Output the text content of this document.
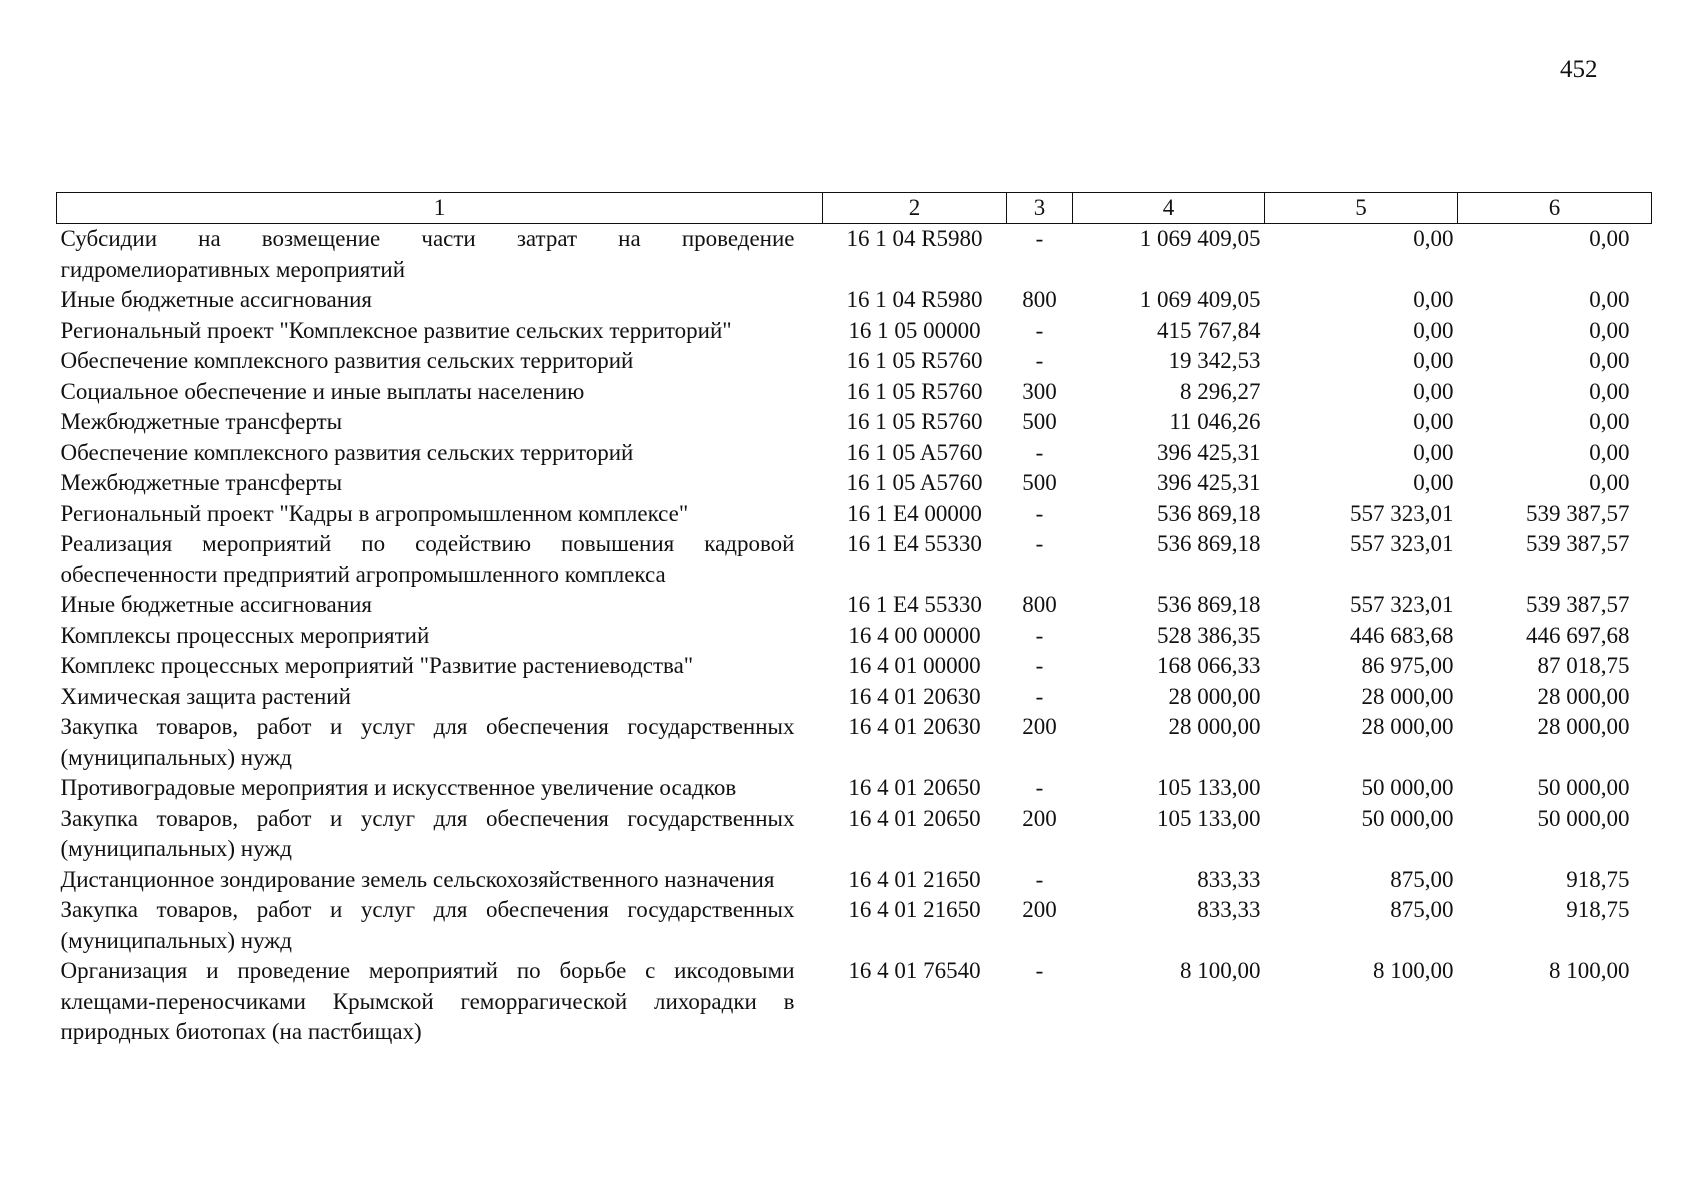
452
1	2	3	4	5	6
Субсидии на возмещение части затрат на проведение гидромелиоративных мероприятий	16 1 04 R5980	-	1 069 409,05	0,00	0,00
Иные бюджетные ассигнования	16 1 04 R5980	800	1 069 409,05	0,00	0,00
Региональный проект "Комплексное развитие сельских территорий"	16 1 05 00000	-	415 767,84	0,00	0,00
Обеспечение комплексного развития сельских территорий	16 1 05 R5760	-	19 342,53	0,00	0,00
Социальное обеспечение и иные выплаты населению	16 1 05 R5760	300	8 296,27	0,00	0,00
Межбюджетные трансферты	16 1 05 R5760	500	11 046,26	0,00	0,00
Обеспечение комплексного развития сельских территорий	16 1 05 A5760	-	396 425,31	0,00	0,00
Межбюджетные трансферты	16 1 05 A5760	500	396 425,31	0,00	0,00
Региональный проект "Кадры в агропромышленном комплексе"	16 1 E4 00000	-	536 869,18	557 323,01	539 387,57
Реализация мероприятий по содействию повышения кадровой обеспеченности предприятий агропромышленного комплекса	16 1 E4 55330	-	536 869,18	557 323,01	539 387,57
Иные бюджетные ассигнования	16 1 E4 55330	800	536 869,18	557 323,01	539 387,57
Комплексы процессных мероприятий	16 4 00 00000	-	528 386,35	446 683,68	446 697,68
Комплекс процессных мероприятий "Развитие растениеводства"	16 4 01 00000	-	168 066,33	86 975,00	87 018,75
Химическая защита растений	16 4 01 20630	-	28 000,00	28 000,00	28 000,00
Закупка товаров, работ и услуг для обеспечения государственных (муниципальных) нужд	16 4 01 20630	200	28 000,00	28 000,00	28 000,00
Противоградовые мероприятия и искусственное увеличение осадков	16 4 01 20650	-	105 133,00	50 000,00	50 000,00
Закупка товаров, работ и услуг для обеспечения государственных (муниципальных) нужд	16 4 01 20650	200	105 133,00	50 000,00	50 000,00
Дистанционное зондирование земель сельскохозяйственного назначения	16 4 01 21650	-	833,33	875,00	918,75
Закупка товаров, работ и услуг для обеспечения государственных (муниципальных) нужд	16 4 01 21650	200	833,33	875,00	918,75
Организация и проведение мероприятий по борьбе с иксодовыми клещами-переносчиками Крымской геморрагической лихорадки в природных биотопах (на пастбищах)	16 4 01 76540	-	8 100,00	8 100,00	8 100,00
